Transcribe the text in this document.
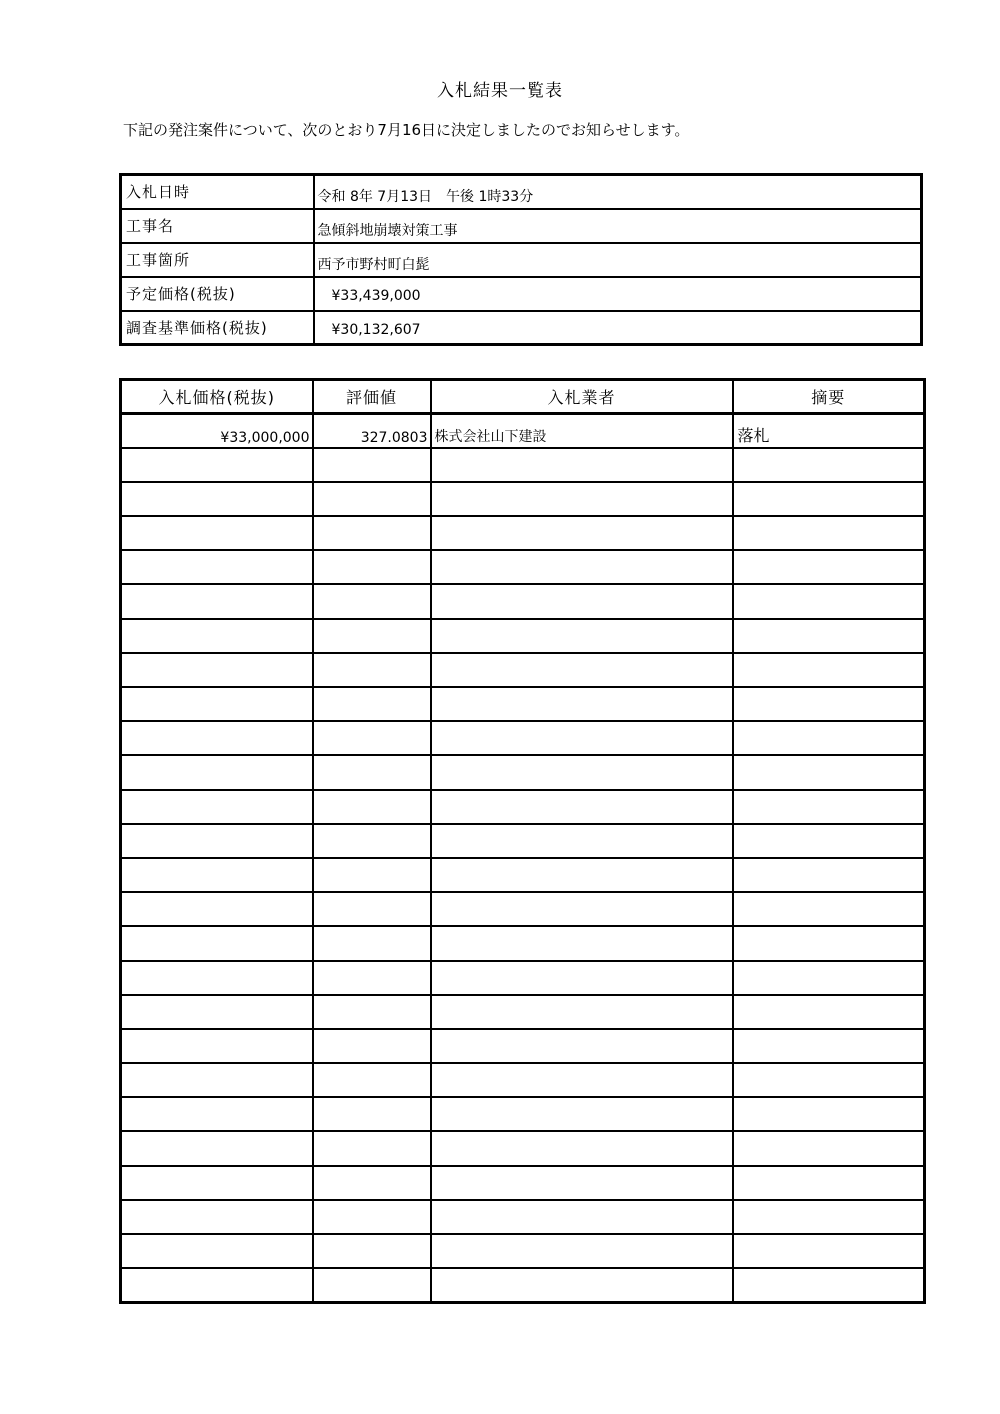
入札結果一覧表
下記の発注案件について、次のとおり7月16日に決定しましたのでお知らせします。
入札日時	令和 8年 7月13日　午後 1時33分
工事名	急傾斜地崩壊対策工事
工事箇所	西予市野村町白髭
予定価格(税抜)	¥33,439,000
調査基準価格(税抜)	¥30,132,607
入札価格(税抜)	評価値	入札業者	摘要
¥33,000,000	327.0803	株式会社山下建設	落札
